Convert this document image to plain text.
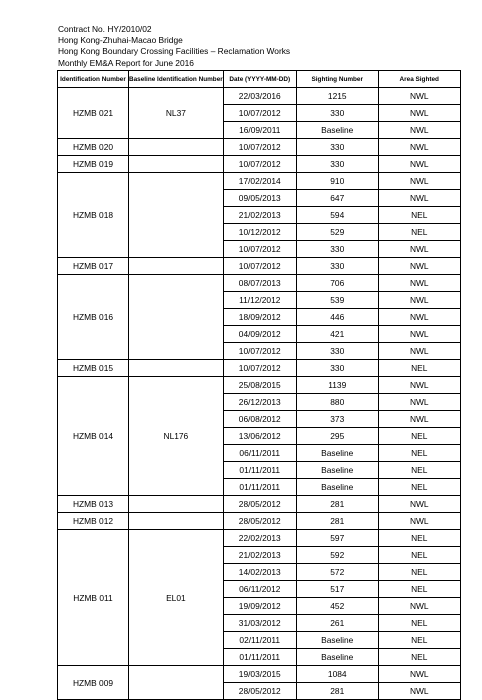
Contract No. HY/2010/02
Hong Kong-Zhuhai-Macao Bridge
Hong Kong Boundary Crossing Facilities – Reclamation Works
Monthly EM&A Report for June 2016
Identification Number	Baseline Identification Number	Date (YYYY-MM-DD)	Sighting Number	Area Sighted
HZMB 021	NL37	22/03/2016	1215	NWL
		10/07/2012	330	NWL
		16/09/2011	Baseline	NWL
HZMB 020		10/07/2012	330	NWL
HZMB 019		10/07/2012	330	NWL
HZMB 018		17/02/2014	910	NWL
		09/05/2013	647	NWL
		21/02/2013	594	NEL
		10/12/2012	529	NEL
		10/07/2012	330	NWL
HZMB 017		10/07/2012	330	NWL
HZMB 016		08/07/2013	706	NWL
		11/12/2012	539	NWL
		18/09/2012	446	NWL
		04/09/2012	421	NWL
		10/07/2012	330	NWL
HZMB 015		10/07/2012	330	NEL
HZMB 014	NL176	25/08/2015	1139	NWL
		26/12/2013	880	NWL
		06/08/2012	373	NWL
		13/06/2012	295	NEL
		06/11/2011	Baseline	NEL
		01/11/2011	Baseline	NEL
		01/11/2011	Baseline	NEL
HZMB 013		28/05/2012	281	NWL
HZMB 012		28/05/2012	281	NWL
HZMB 011	EL01	22/02/2013	597	NEL
		21/02/2013	592	NEL
		14/02/2013	572	NEL
		06/11/2012	517	NEL
		19/09/2012	452	NWL
		31/03/2012	261	NEL
		02/11/2011	Baseline	NEL
		01/11/2011	Baseline	NEL
HZMB 009		19/03/2015	1084	NWL
		28/05/2012	281	NWL
